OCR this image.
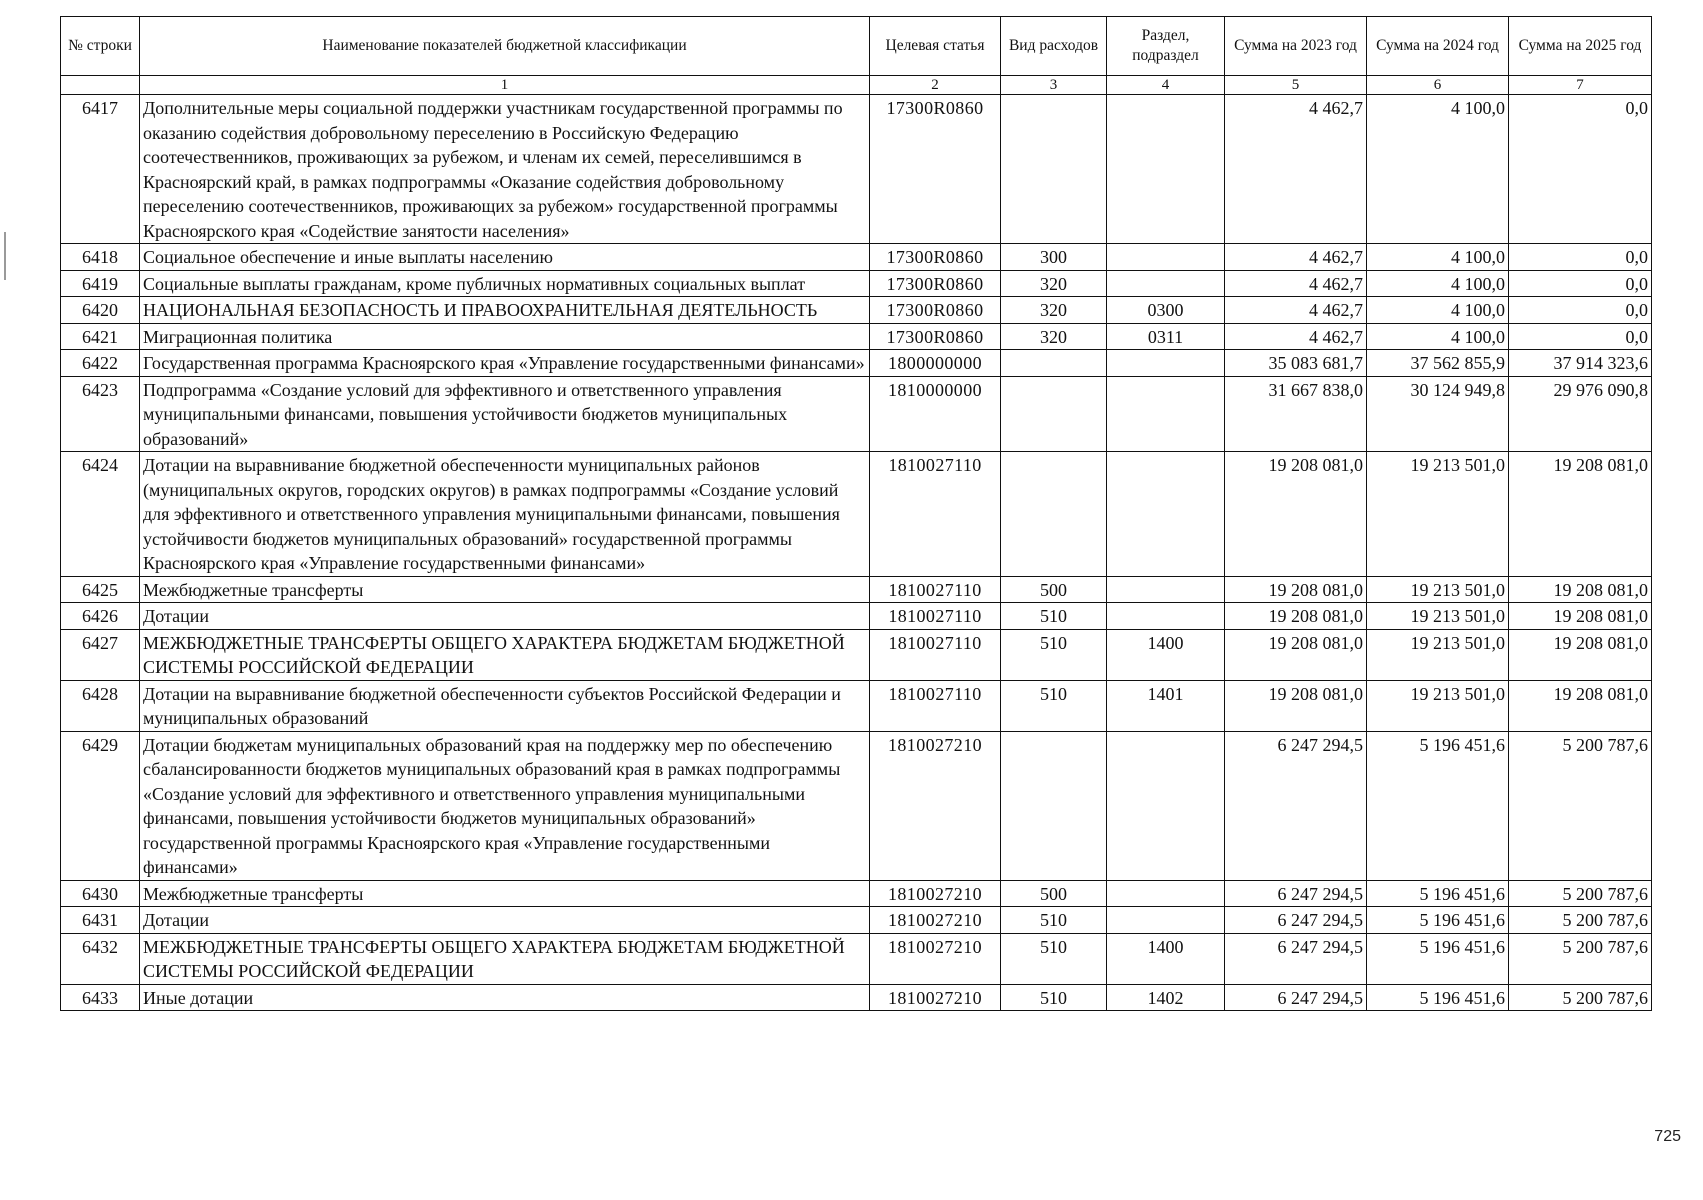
№ строки	Наименование показателей бюджетной классификации	Целевая статья	Вид расходов	Раздел, подраздел	Сумма на 2023 год	Сумма на 2024 год	Сумма на 2025 год
	1	2	3	4	5	6	7
6417	Дополнительные меры социальной поддержки участникам государственной программы по оказанию содействия добровольному переселению в Российскую Федерацию соотечественников, проживающих за рубежом, и членам их семей, переселившимся в Красноярский край, в рамках подпрограммы «Оказание содействия добровольному переселению соотечественников, проживающих за рубежом» государственной программы Красноярского края «Содействие занятости населения»	17300R0860			4 462,7	4 100,0	0,0
6418	Социальное обеспечение и иные выплаты населению	17300R0860	300		4 462,7	4 100,0	0,0
6419	Социальные выплаты гражданам, кроме публичных нормативных социальных выплат	17300R0860	320		4 462,7	4 100,0	0,0
6420	НАЦИОНАЛЬНАЯ БЕЗОПАСНОСТЬ И ПРАВООХРАНИТЕЛЬНАЯ ДЕЯТЕЛЬНОСТЬ	17300R0860	320	0300	4 462,7	4 100,0	0,0
6421	Миграционная политика	17300R0860	320	0311	4 462,7	4 100,0	0,0
6422	Государственная программа Красноярского края «Управление государственными финансами»	1800000000			35 083 681,7	37 562 855,9	37 914 323,6
6423	Подпрограмма «Создание условий для эффективного и ответственного управления муниципальными финансами, повышения устойчивости бюджетов муниципальных образований»	1810000000			31 667 838,0	30 124 949,8	29 976 090,8
6424	Дотации на выравнивание бюджетной обеспеченности муниципальных районов (муниципальных округов, городских округов) в рамках подпрограммы «Создание условий для эффективного и ответственного управления муниципальными финансами, повышения устойчивости бюджетов муниципальных образований» государственной программы Красноярского края «Управление государственными финансами»	1810027110			19 208 081,0	19 213 501,0	19 208 081,0
6425	Межбюджетные трансферты	1810027110	500		19 208 081,0	19 213 501,0	19 208 081,0
6426	Дотации	1810027110	510		19 208 081,0	19 213 501,0	19 208 081,0
6427	МЕЖБЮДЖЕТНЫЕ ТРАНСФЕРТЫ ОБЩЕГО ХАРАКТЕРА БЮДЖЕТАМ БЮДЖЕТНОЙ СИСТЕМЫ РОССИЙСКОЙ ФЕДЕРАЦИИ	1810027110	510	1400	19 208 081,0	19 213 501,0	19 208 081,0
6428	Дотации на выравнивание бюджетной обеспеченности субъектов Российской Федерации и муниципальных образований	1810027110	510	1401	19 208 081,0	19 213 501,0	19 208 081,0
6429	Дотации бюджетам муниципальных образований края на поддержку мер по обеспечению сбалансированности бюджетов муниципальных образований края в рамках подпрограммы «Создание условий для эффективного и ответственного управления муниципальными финансами, повышения устойчивости бюджетов муниципальных образований» государственной программы Красноярского края «Управление государственными финансами»	1810027210			6 247 294,5	5 196 451,6	5 200 787,6
6430	Межбюджетные трансферты	1810027210	500		6 247 294,5	5 196 451,6	5 200 787,6
6431	Дотации	1810027210	510		6 247 294,5	5 196 451,6	5 200 787,6
6432	МЕЖБЮДЖЕТНЫЕ ТРАНСФЕРТЫ ОБЩЕГО ХАРАКТЕРА БЮДЖЕТАМ БЮДЖЕТНОЙ СИСТЕМЫ РОССИЙСКОЙ ФЕДЕРАЦИИ	1810027210	510	1400	6 247 294,5	5 196 451,6	5 200 787,6
6433	Иные дотации	1810027210	510	1402	6 247 294,5	5 196 451,6	5 200 787,6
725
